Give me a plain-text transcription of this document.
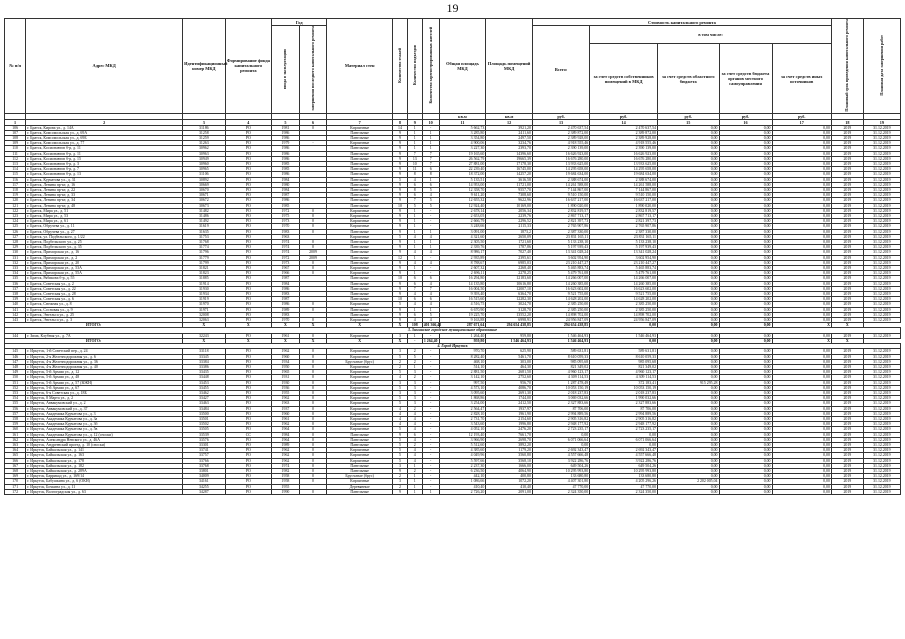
19
№ п/п	Адрес МКД	Идентификационный номер МКД	Формирование фонда капитального ремонта	Год		Материал стен	Количество этажей	Количество подъездов	Количество зарегистрированных жителей	Общая площадь МКД	Площадь помещений МКД	Стоимость капитального ремонта					Плановый срок проведения капитального ремонта	Плановая дата завершения работ
				ввода в эксплуатацию	завершения последнего капитального ремонта							Всего:	в том числе:					
													за счет средств собственников помещений в МКД	за счет средств областного бюджета	за счет средств бюджета органов местного самоуправления	за счет средств иных источников		
										кв.м	кв.м	руб.	руб.	руб.	руб.	руб.		
1	2	3	4	5	6	7	8	9	10	11	12	13	14	15	16	17	18	19
106	г. Братск, Кирова ул., д. 14А	31186	РО	1981	0	Кирпичные	14	1	-	5 662,73	3921,20	2 470 637,54	2 470 637,54	0,00	0,00	0,00	2019	31.12.2019
107	г. Братск, Комсомольская ул., д. 69А	31258	РО	1986		Панельные	9	1	1	3 285,80	2411,60	2 389 872,00	2 389 872,00	0,00	0,00	0,00	2019	31.12.2019
108	г. Братск, Комсомольская ул., д. 69Б	31259	РО	1986		Панельные	9	1	1	3 354,80	2497,50	2 389 928,00	2 389 928,00	0,00	0,00	0,00	2019	31.12.2019
109	г. Братск, Комсомольская ул., д. 77	31263	РО	1979	-	Кирпичные	9	1	1	4 900,06	3234,76	4 918 555,46	4 918 555,46	0,00	0,00	0,00	2019	31.12.2019
110	г. Братск, Космонавтов б-р, д. 11	30962	РО	1986		Панельные	9	1	1	3 227,30	2393,70	2 390 139,00	2 390 139,00	0,00	0,00	0,00	2019	31.12.2019
111	г. Братск, Космонавтов б-р, д. 11	30963	РО	1986		Панельные	9	7	7	19 165,60	14396,60	16 626 923,00	16 626 923,00	0,00	0,00	0,00	2019	31.12.2019
112	г. Братск, Космонавтов б-р, д. 15	30949	РО	1986		Панельные	9	13	7	26 562,79	19665,39	16 676 280,00	16 676 280,00	0,00	0,00	0,00	2019	31.12.2019
113	г. Братск, Космонавтов б-р, д. 3	30960	РО	1985		Панельные	9	10	7	27 881,00	17178,30	13 933 625,00	13 933 625,00	0,00	0,00	0,00	2019	31.12.2019
114	г. Братск, Космонавтов б-р, д. 7	30965	РО	1985		Панельные	9	11	6	22 239,40	16745,00	14 295 658,00	14 295 658,00	0,00	0,00	0,00	2019	31.12.2019
115	г. Братск, Космонавтов б-р, д. 13	31106	РО	1986		Панельные	9	8	8	18 372,00	14257,20	19 684 634,00	19 684 634,00	0,00	0,00	0,00	2019	31.12.2019
116	г. Братск, Курчатова ул., д. 31	30892	РО	1984		Панельные	5	4	1	5 135,51	3616,58	2 388 674,00	2 388 674,00	0,00	0,00	0,00	2019	31.12.2019
117	г. Братск, Ленина пр-кт, д. 16	30669	РО	1980		Панельные	9	6	6	14 953,00	11721,00	14 261 588,00	14 261 588,00	0,00	0,00	0,00	2019	31.12.2019
118	г. Братск, Ленина пр-кт, д. 22	30670	РО	1984		Панельные	9	8	5	12 358,70	9557,70	7 144 867,00	7 144 867,00	0,00	0,00	0,00	2019	31.12.2019
119	г. Братск, Ленина пр-кт, д. 33	30671	РО	1987		Панельные	9	6	4	9 611,20	7308,60	9 510 150,00	9 510 150,00	0,00	0,00	0,00	2019	31.12.2019
120	г. Братск, Ленина пр-кт, д. 34	30672	РО	1986		Панельные	9	7	5	12 655,32	9622,96	16 637 217,00	16 637 217,00	0,00	0,00	0,00	2019	31.12.2019
121	г. Братск, Ленина пр-кт, д. 48	30673	РО	1985		Панельные	10	5	5	12 924,40	10169,00	1 890 020,00	1 890 020,00	0,00	0,00	0,00	2019	31.12.2019
122	г. Братск, Мира ул., д. 51	31482	РО	1972	0	Кирпичные	9	1	-	2 678,14	2056,34	2 832 819,57	2 832 819,57	0,00	0,00	0,00	2019	31.12.2019
123	г. Братск, Мира ул., д. 53	31486	РО	1975	0	Кирпичные	9	1	-	2 653,05	2239,76	2 867 713,17	2 867 713,17	0,00	0,00	0,00	2019	31.12.2019
124	г. Братск, Мира ул., д. 61	31492	РО	1973	0	Кирпичные	9	1	-	2 666,79	2296,52	2 821 397,73	2 821 397,73	0,00	0,00	0,00	2019	31.12.2019
125	г. Братск, Обручева ул., д. 11	31619	РО	1970	0	Кирпичные	9	1	-	3 248,66	2115,33	2 765 907,86	2 765 907,86	0,00	0,00	0,00	2019	31.12.2019
126	г. Братск, Обручева ул., д. 27	31635	РО	1983	0	Панельные	9	1	1	3 091,00	1873,2	2 387 330,00	2 387 330,00	0,00	0,00	0,00	2019	31.12.2019
127	г. Братск, ул. Подбельского, д. 1/22	31753	РО	1963		Кирпичные	5	4	4	4 321,60	2650,09	23 831 165,11	23 831 165,11	0,00	0,00	0,00	2019	31.12.2019
128	г. Братск, Подбельского ул., д. 25	31768	РО	1974	0	Панельные	9	1	1	2 305,50	1721,60	5 133 238,10	5 133 238,10	0,00	0,00	0,00	2019	31.12.2019
129	г. Братск, Подбельского ул., д. 35	31774	РО	1974	0	Панельные	9	1	1	2 339,76	1787,86	5 197 939,43	5 197 939,43	0,00	0,00	0,00	2019	31.12.2019
130	г. Братск, Приморская ул., д. 16	31796	РО	1974	2009	Панельные	9	4	4	8 986,17	7027,40	13 341 028,24	13 341 028,24	0,00	0,00	0,00	2019	31.12.2019
131	г. Братск, Приморская ул., д. 2	31779	РО	1972	2009	Панельные	12	1	-	2 935,89	2395,61	3 602 954,90	3 602 954,90	0,00	0,00	0,00	2019	31.12.2019
132	г. Братск, Приморская ул., д. 20	31799	РО	1973	0	Панельные	9	4	4	8 788,67	6985,03	23 210 447,27	23 210 447,27	0,00	0,00	0,00	2019	31.12.2019
133	г. Братск, Приморская ул., д. 53А	31821	РО	1967	0	Кирпичные	9	1	-	2 607,32	2268,40	5 465 883,74	5 465 883,74	0,00	0,00	0,00	2019	31.12.2019
134	г. Братск, Приморская ул., д. 55А	31823	РО	1966	0	Кирпичные	9	1	-	2 696,11	2278,25	5 479 761,08	5 479 761,08	0,00	0,00	0,00	2019	31.12.2019
135	г. Братск, Рябикова б-р, д. 55	31885	РО	1987		Панельные	10	6	6	16 294,80	12183,60	14 266 007,00	14 266 007,00	0,00	0,00	0,00	2019	31.12.2019
136	г. Братск, Советская ул., д. 2	31914	РО	1984		Панельные	9	6	4	14 135,80	10616,80	14 260 385,00	14 260 385,00	0,00	0,00	0,00	2019	31.12.2019
137	г. Братск, Советская ул., д. 22	31930	РО	1986		Панельные	9	7	7	16 004,50	12007,10	16 623 602,00	16 623 602,00	0,00	0,00	0,00	2019	31.12.2019
138	г. Братск, Советская ул., д. 28	31934	РО	1983		Панельные	9	4	4	9 393,40	6364,70	9 521 755,00	9 521 755,00	0,00	0,00	0,00	2019	31.12.2019
139	г. Братск, Советская ул., д. 6	31919	РО	1987		Панельные	10	6	6	16 515,60	12282,30	14 628 202,00	14 628 202,00	0,00	0,00	0,00	2019	31.12.2019
140	г. Братск, Снежная ул., д. 8	31970	РО	1986	0	Кирпичные	5	4	4	4 516,75	3024,70	2 385 250,00	2 385 250,00	0,00	0,00	0,00	2019	31.12.2019
141	г. Братск, Сосновая ул., д. 9	31971	РО	1989	0	Панельные	9	1	1	6 670,90	3128,70	2 385 250,00	2 385 250,00	0,00	0,00	0,00	2019	31.12.2019
142	г. Братск, Энгельса ул., д. 25	32008	РО	1983		Панельные	9	6	5	19 225,70	13552,20	14 898 702,00	14 898 702,00	0,00	0,00	0,00	2019	31.12.2019
143	г. Братск, Энгельса ул., д. 3	32063	РО	1970	0	Кирпичные	9	4	4	9 163,88	6998,91	24 956 847,09	24 956 847,09	0,00	0,00	0,00	2019	31.12.2019
ИТОГО:		Х	Х	Х	Х	Х	Х	108	401 366,42	287 671,64	294 654 438,85	294 654 438,85	0,00	0,00	0,00	Х	Х	
3. Зиминское городское муниципальное образование																		
144	г. Зима, Клубная ул., д. 7А	32243	РО	1961	0	Кирпичные	3	1	-	1 264,40	959,80	1 546 464,93	1 546 464,93	0,00	0,00	0,00	2019	31.12.2019
ИТОГО:		Х	Х	Х	Х	Х	Х	-	1 264,40	959,80	1 546 464,93	1 546 464,93	0,00	0,00	0,00	Х	Х	
4. Город Иркутск																		
145	г. Иркутск, 1-й Советский пер., д. 24	33118	РО	1962	0	Кирпичные	3	2	-	970,70	625,90	589 631,81	589 631,81	0,00	0,00	0,00	2019	31.12.2019
146	г. Иркутск, 2-я Железнодорожная ул., д. 6	33345	РО	1960	0	Кирпичные	5	5	-	8 282,40	5461,70	8 610 059,33	8 610 059,33	0,00	0,00	0,00	2019	31.12.2019
147	г. Иркутск, 4-я Железнодорожная ул., д. 36	33384	РО	1934	0	Брусчатые (брус)	2	2	-	468,10	303,00	985 095,68	985 095,68	0,00	0,00	0,00	2019	31.12.2019
148	г. Иркутск, 4-я Железнодорожная ул., д. 40	33386	РО	1950	0	Кирпичные	2	1	-	514,10	464,30	821 349,02	821 349,02	0,00	0,00	0,00	2019	31.12.2019
149	г. Иркутск, 5-й Армии ул., д. 12	33435	РО	1965	0	Кирпичные	5	3	-	2 881,50	2681,50	4 960 123,17	4 960 123,17	0,00	0,00	0,00	2019	31.12.2019
150	г. Иркутск, 5-й Армии ул., д. 48	33448	РО	1931	0	Кирпичные	4	2	-	3 142,10	2752,60	4 309 114,53	4 309 114,53	0,00	0,00	0,00	2019	31.12.2019
151	г. Иркутск, 5-й Армии ул., д. 57 (ЮКН)	33453	РО	1930	0	Кирпичные	3	3	-	997,50	956,70	1 287 478,49	372 183,41	915 295,28	0,00	0,00	2019	31.12.2019
152	г. Иркутск, 5-й Армии ул., д. 67	33455	РО	1936	0	Кирпичные	5	3	-	4 573,10	4086,70	10 053 150,19	10 053 150,19	0,00	0,00	0,00	2019	31.12.2019
153	г. Иркутск, 6-я Советская ул., д. 18Б	33462	РО	1955	0	Кирпичные	3	3	-	3 095,60	2691,30	2 018 237,83	2 018 237,83	0,00	0,00	0,00	2019	31.12.2019
154	г. Иркутск, 8 Марта ул., д. 2	33427	РО	1962	0	Кирпичные	5	3	-	1 868,86	1744,00	3 069 032,66	1 990 032,66	0,00	0,00	0,00	2019	31.12.2019
155	г. Иркутск, Аввакумовский ул., д. 2	33463	РО	1963	0	Кирпичные	5	3	-	3 254,00	2412,50	2 327 883,66	2 327 883,66	0,00	0,00	0,00	2019	31.12.2019
156	г. Иркутск, Аввакумовский ул., д. 37	33484	РО	1937	0	Кирпичные	4	2	-	2 564,47	1937,97	87 706,00	87 706,00	0,00	0,00	0,00	2019	31.12.2019
157	г. Иркутск, Академика Курчатова ул., д. 3	33500	РО	1960	0	Кирпичные	4	4	-	2 828,10	1961,90	2 994 889,56	2 994 889,56	0,00	0,00	0,00	2019	31.12.2019
158	г. Иркутск, Академика Курчатова ул., д. 3а	33501	РО	1961	0	Кирпичные	4	4	-	2 731,70	2154,60	2 905 316,82	2 905 316,82	0,00	0,00	0,00	2019	31.12.2019
159	г. Иркутск, Академика Курчатова ул., д. 3б	33502	РО	1962	0	Кирпичные	4	4	-	3 543,60	1996,80	2 948 177,92	2 948 177,92	0,00	0,00	0,00	2019	31.12.2019
160	г. Иркутск, Академика Курчатова ул., д. 5в	33505	РО	1964	0	Кирпичные	5	4	-	4 052,10	2476,20	2 723 235,17	2 723 235,17	0,00	0,00	0,00	2019	31.12.2019
161	г. Иркутск, Академика Курчатова ул., д. 12 (сноски)	33539	СС	1984	0	Панельные	9	6	-	12 193,40	7661,70	0,00	0,00	0,00	0,00	0,00	2019	31.12.2019
162	г. Иркутск, Александра Невского ул., д. 46А	33576	РО	1964	0	Панельные	5	4	-	3 966,90	2698,70	6 071 066,64	6 071 066,64	0,00	0,00	0,00	2019	31.12.2019
163	г. Иркутск, Андреевский проезд, д. 10 (сноски)	33301	РО	1989	0	Панельные	5	2	-	5 512,60	3892,20	0,00	0,00	0,00	0,00	0,00	2019	31.12.2019
164	г. Иркутск, Байкальская ул., д. 141	33741	РО	1962	0	Кирпичные	5	4	-	4 385,60	1179,20	2 692 343,47	2 692 343,47	0,00	0,00	0,00	2019	31.12.2019
165	г. Иркутск, Байкальская ул., д. 163	33757	РО	1962	0	Кирпичные	5	4	-	4 049,96	3560,80	4 557 666,48	4 557 666,48	0,00	0,00	0,00	2019	31.12.2019
166	г. Иркутск, Байкальская ул., д. 178	33766	РО	1962	0	Кирпичные	5	4	-	5 597,66	3568,10	3 922 286,76	3 922 286,76	0,00	0,00	0,00	2019	31.12.2019
167	г. Иркутск, Байкальская ул., д. 182	33768	РО	1974	0	Панельные	3	1	-	2 237,30	1666,00	649 504,26	649 504,26	0,00	0,00	0,00	2019	31.12.2019
168	г. Иркутск, Байкальская ул., д. 289А	33801	РО	1982	0	Панельные	9	2	-	6 236,50	4064,90	10 295 993,80	10 295 993,80	0,00	0,00	0,00	2019	31.12.2019
169	г. Иркутск, Баррикад ул., д. 169/14	34009	РО	1958	0	Брусчатые (брус)	2	1	-	442,10	400,80	133 680,80	133 680,80	0,00	0,00	0,00	2019	31.12.2019
170	г. Иркутск, Бабушкина ул., д. 6 (ОКН)	34161	РО	1958	0	Кирпичные	3	1	-	1 086,66	1072,20	4 407 301,80	4 205 296,26	2 202 005,04	0,00	0,00	2019	31.12.2019
171	г. Иркутск, Бочкина ул., д. 11	34255	РО	1955		Деревянные	2	1	-	410,40	410,40	47 770,00	47 770,00	0,00	0,00	0,00	2019	31.12.2019
172	г. Иркутск, Волгоградская ул., д. 63	34287	РО	1990	0	Панельные	9	1	1	2 726,20	2091,00	2 324 350,00	2 324 350,00	0,00	0,00	0,00	2019	31.12.2019
